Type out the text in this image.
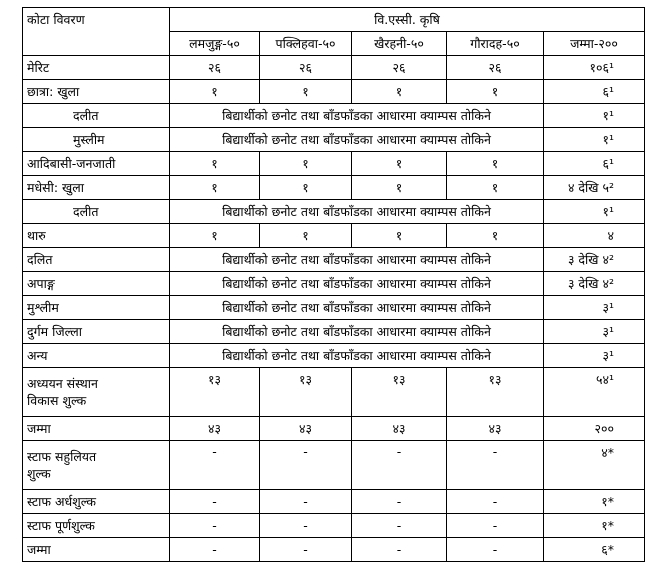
कोटा विवरण	वि.एस्सी. कृषि				
	लमजुङ्ग-५०	पक्लिहवा-५०	खैरहनी-५०	गौरादह-५०	जम्मा-२००
मेरिट	२६	२६	२६	२६	१०६¹
छात्रा: खुला	१	१	१	१	६¹
दलीत	बिद्यार्थीको छनोट तथा बाँडफाँडका आधारमा क्याम्पस तोकिने				१¹
मुस्लीम	बिद्यार्थीको छनोट तथा बाँडफाँडका आधारमा क्याम्पस तोकिने				१¹
आदिबासी-जनजाती	१	१	१	१	६¹
मधेसी: खुला	१	१	१	१	४ देखि ५²
दलीत	बिद्यार्थीको छनोट तथा बाँडफाँडका आधारमा क्याम्पस तोकिने				१¹
थारु	१	१	१	१	४
दलित	बिद्यार्थीको छनोट तथा बाँडफाँडका आधारमा क्याम्पस तोकिने				३ देखि ४²
अपाङ्ग	बिद्यार्थीको छनोट तथा बाँडफाँडका आधारमा क्याम्पस तोकिने				३ देखि ४²
मुश्लीम	बिद्यार्थीको छनोट तथा बाँडफाँडका आधारमा क्याम्पस तोकिने				३¹
दुर्गम जिल्ला	बिद्यार्थीको छनोट तथा बाँडफाँडका आधारमा क्याम्पस तोकिने				३¹
अन्य	बिद्यार्थीको छनोट तथा बाँडफाँडका आधारमा क्याम्पस तोकिने				३¹

अध्ययन संस्थान
विकास शुल्क	१३	१३	१३	१३	५४¹
जम्मा	४३	४३	४३	४३	२००

स्टाफ सहुलियत
शुल्क	-	-	-	-	४*
स्टाफ अर्धशुल्क	-	-	-	-	१*
स्टाफ पूर्णशुल्क	-	-	-	-	१*
जम्मा	-	-	-	-	६*
